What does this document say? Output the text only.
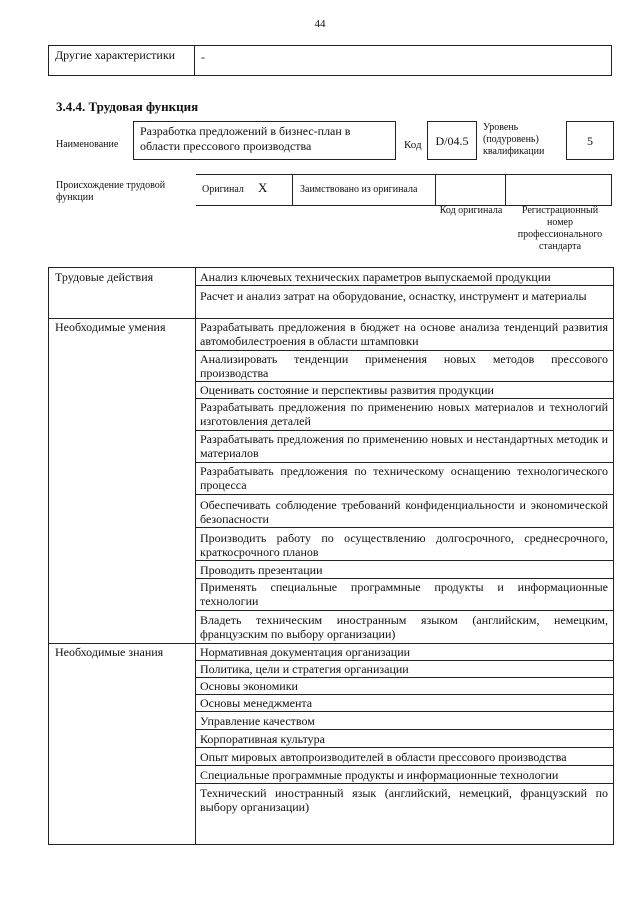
44
Другие характеристики	-
3.4.4. Трудовая функция
Наименование
Разработка предложений в бизнес-план в области прессового производства	Код	D/04.5
Уровень (подуровень) квалификации
5
Происхождение трудовой функции
Оригинал X	Заимствовано из оригинала
Код оригинала	Регистрационный номер профессионального стандарта
Трудовые действия	Анализ ключевых технических параметров выпускаемой продукции
Расчет и анализ затрат на оборудование, оснастку, инструмент и материалы
Необходимые умения	Разрабатывать предложения в бюджет на основе анализа тенденций развития автомобилестроения в области штамповки
Анализировать тенденции применения новых методов прессового производства
Оценивать состояние и перспективы развития продукции
Разрабатывать предложения по применению новых материалов и технологий изготовления деталей
Разрабатывать предложения по применению новых и нестандартных методик и материалов
Разрабатывать предложения по техническому оснащению технологического процесса
Обеспечивать соблюдение требований конфиденциальности и экономической безопасности
Производить работу по осуществлению долгосрочного, среднесрочного, краткосрочного планов
Проводить презентации
Применять специальные программные продукты и информационные технологии
Владеть техническим иностранным языком (английским, немецким, французским по выбору организации)
Необходимые знания	Нормативная документация организации
Политика, цели и стратегия организации
Основы экономики
Основы менеджмента
Управление качеством
Корпоративная культура
Опыт мировых автопроизводителей в области прессового производства
Специальные программные продукты и информационные технологии
Технический иностранный язык (английский, немецкий, французский по выбору организации)
